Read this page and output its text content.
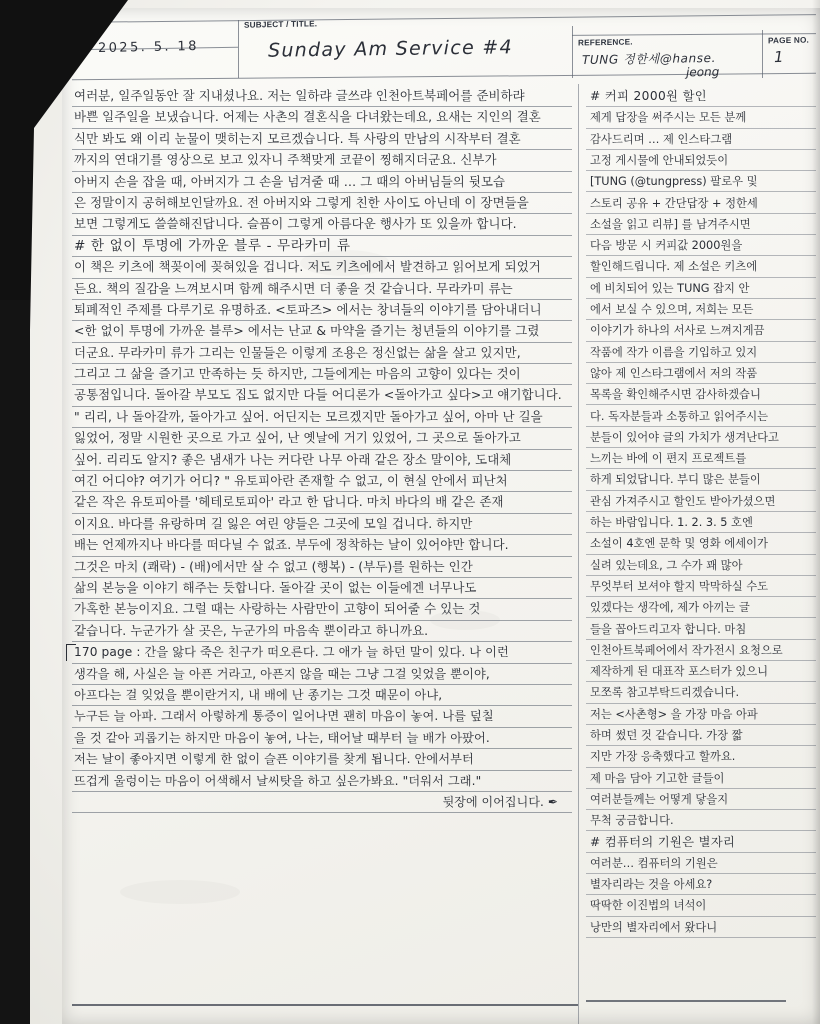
SUBJECT / TITLE.
REFERENCE.	PAGE NO.
2025. 5. 18	Sunday Am Service #4	TUNG 정한세@hanse.
jeong
1
여러분, 일주일동안 잘 지내셨나요. 저는 일하랴 글쓰랴 인천아트북페어를 준비하랴
바쁜 일주일을 보냈습니다. 어제는 사촌의 결혼식을 다녀왔는데요, 요새는 지인의 결혼
식만 봐도 왜 이리 눈물이 맺히는지 모르겠습니다. 특 사랑의 만남의 시작부터 결혼
까지의 연대기를 영상으로 보고 있자니 주책맞게 코끝이 찡해지더군요. 신부가
아버지 손을 잡을 때, 아버지가 그 손을 넘겨줄 때 … 그 때의 아버님들의 뒷모습
은 정말이지 공허해보인달까요. 전 아버지와 그렇게 친한 사이도 아닌데 이 장면들을
보면 그렇게도 쓸쓸해진답니다. 슬픔이 그렇게 아름다운 행사가 또 있을까 합니다.
# 한 없이 투명에 가까운 블루 - 무라카미 류
이 책은 키츠에 책꽂이에 꽂혀있을 겁니다. 저도 키츠에에서 발견하고 읽어보게 되었거
든요. 책의 질감을 느껴보시며 함께 해주시면 더 좋을 것 같습니다. 무라카미 류는
퇴폐적인 주제를 다루기로 유명하죠. <토파즈> 에서는 창녀들의 이야기를 담아내더니
<한 없이 투명에 가까운 블루> 에서는 난교 & 마약을 즐기는 청년들의 이야기를 그렸
더군요. 무라카미 류가 그리는 인물들은 이렇게 조용은 정신없는 삶을 살고 있지만,
그리고 그 삶을 즐기고 만족하는 듯 하지만, 그들에게는 마음의 고향이 있다는 것이
공통점입니다. 돌아갈 부모도 집도 없지만 다들 어디론가 <돌아가고 싶다>고 얘기합니다.
" 리리, 나 돌아갈까, 돌아가고 싶어. 어딘지는 모르겠지만 돌아가고 싶어, 아마 난 길을
잃었어, 정말 시원한 곳으로 가고 싶어, 난 옛날에 거기 있었어, 그 곳으로 돌아가고
싶어. 리리도 알지? 좋은 냄새가 나는 커다란 나무 아래 같은 장소 말이야, 도대체
여긴 어디야? 여기가 어디? " 유토피아란 존재할 수 없고, 이 현실 안에서 피난처
같은 작은 유토피아를 '헤테로토피아' 라고 한 답니다. 마치 바다의 배 같은 존재
이지요. 바다를 유랑하며 길 잃은 여린 양들은 그곳에 모일 겁니다. 하지만
배는 언제까지나 바다를 떠다닐 수 없죠. 부두에 정착하는 날이 있어야만 합니다.
그것은 마치 (쾌락) - (배)에서만 살 수 없고 (행복) - (부두)를 원하는 인간
삶의 본능을 이야기 해주는 듯합니다. 돌아갈 곳이 없는 이들에겐 너무나도
가혹한 본능이지요. 그럴 때는 사랑하는 사람만이 고향이 되어줄 수 있는 것
같습니다. 누군가가 살 곳은, 누군가의 마음속 뿐이라고 하니까요.
170 page : 간을 앓다 죽은 친구가 떠오른다. 그 애가 늘 하던 말이 있다. 나 이런
생각을 해, 사실은 늘 아픈 거라고, 아픈지 않을 때는 그냥 그걸 잊었을 뿐이야,
아프다는 걸 잊었을 뿐이란거지, 내 배에 난 종기는 그것 때문이 아냐,
누구든 늘 아파. 그래서 아렇하게 통증이 일어나면 괜히 마음이 놓여. 나를 덮칠
을 것 같아 괴롭기는 하지만 마음이 놓여, 나는, 태어날 때부터 늘 배가 아팠어.
저는 날이 좋아지면 이렇게 한 없이 슬픈 이야기를 찾게 됩니다. 안에서부터
뜨겁게 울렁이는 마음이 어색해서 날씨탓을 하고 싶은가봐요. "더워서 그래."
뒷장에 이어집니다. ✒
# 커피 2000원 할인
제게 답장을 써주시는 모든 분께
감사드리며 … 제 인스타그램
고정 게시물에 안내되었듯이
[TUNG (@tungpress) 팔로우 및
스토리 공유 + 간단답장 + 정한세
소설을 읽고 리뷰] 를 남겨주시면
다음 방문 시 커피값 2000원을
할인해드립니다. 제 소설은 키츠에
에 비치되어 있는 TUNG 잡지 안
에서 보실 수 있으며, 저희는 모든
이야기가 하나의 서사로 느껴지게끔
작품에 작가 이름을 기입하고 있지
않아 제 인스타그램에서 저의 작품
목록을 확인해주시면 감사하겠습니
다. 독자분들과 소통하고 읽어주시는
분들이 있어야 글의 가치가 생겨난다고
느끼는 바에 이 편지 프로젝트를
하게 되었답니다. 부디 많은 분들이
관심 가져주시고 할인도 받아가셨으면
하는 바람입니다. 1. 2. 3. 5 호엔
소설이 4호엔 문학 및 영화 에세이가
실려 있는데요, 그 수가 꽤 많아
무엇부터 보셔야 할지 막막하실 수도
있겠다는 생각에, 제가 아끼는 글
들을 꼽아드리고자 합니다. 마침
인천아트북페어에서 작가전시 요청으로
제작하게 된 대표작 포스터가 있으니
모쪼록 참고부탁드리겠습니다.
저는 <사촌형> 을 가장 마음 아파
하며 썼던 것 같습니다. 가장 짧
지만 가장 응축했다고 할까요.
제 마음 담아 기고한 글들이
여러분들께는 어떻게 닿을지
무척 궁금합니다.
# 컴퓨터의 기원은 별자리
여러분… 컴퓨터의 기원은
별자리라는 것을 아세요?
딱딱한 이진법의 녀석이
낭만의 별자리에서 왔다니
